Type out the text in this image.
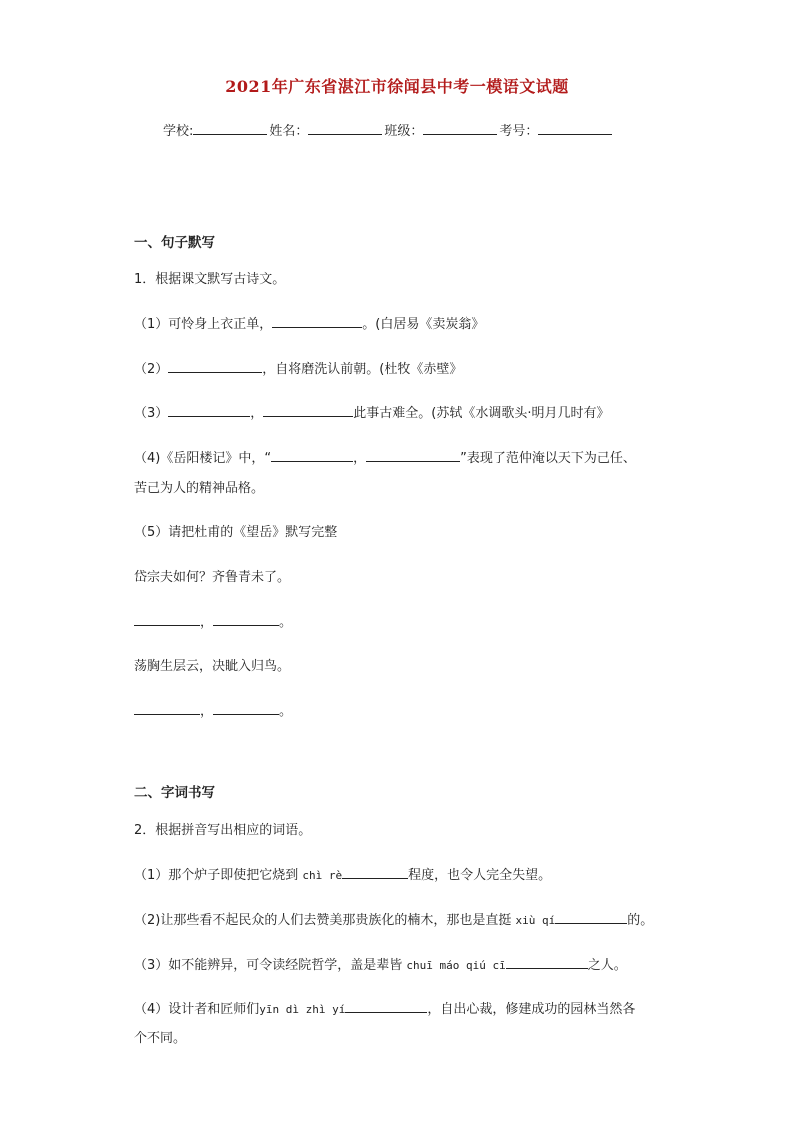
2021年广东省湛江市徐闻县中考一模语文试题
学校:	姓名：	班级：	考号：
一、句子默写
1．根据课文默写古诗文。
（1）可怜身上衣正单，	。(白居易《卖炭翁》
（2）	，自将磨洗认前朝。(杜牧《赤壁》
（3）	，	此事古难全。(苏轼《水调歌头·明月几时有》
（4)《岳阳楼记》中，“	，	”表现了范仲淹以天下为己任、
苦己为人的精神品格。
（5）请把杜甫的《望岳》默写完整
岱宗夫如何？齐鲁青未了。
，	。
荡胸生层云，决眦入归鸟。
，	。
二、字词书写
2．根据拼音写出相应的词语。
（1）那个炉子即使把它烧到 chì rè	程度，也令人完全失望。
（2)让那些看不起民众的人们去赞美那贵族化的楠木，那也是直挺 xiù qí	的。
（3）如不能辨异，可令读经院哲学，盖是辈皆 chuī máo qiú cī	之人。
（4）设计者和匠师们yīn dì zhì yí	，自出心裁，修建成功的园林当然各
个不同。
